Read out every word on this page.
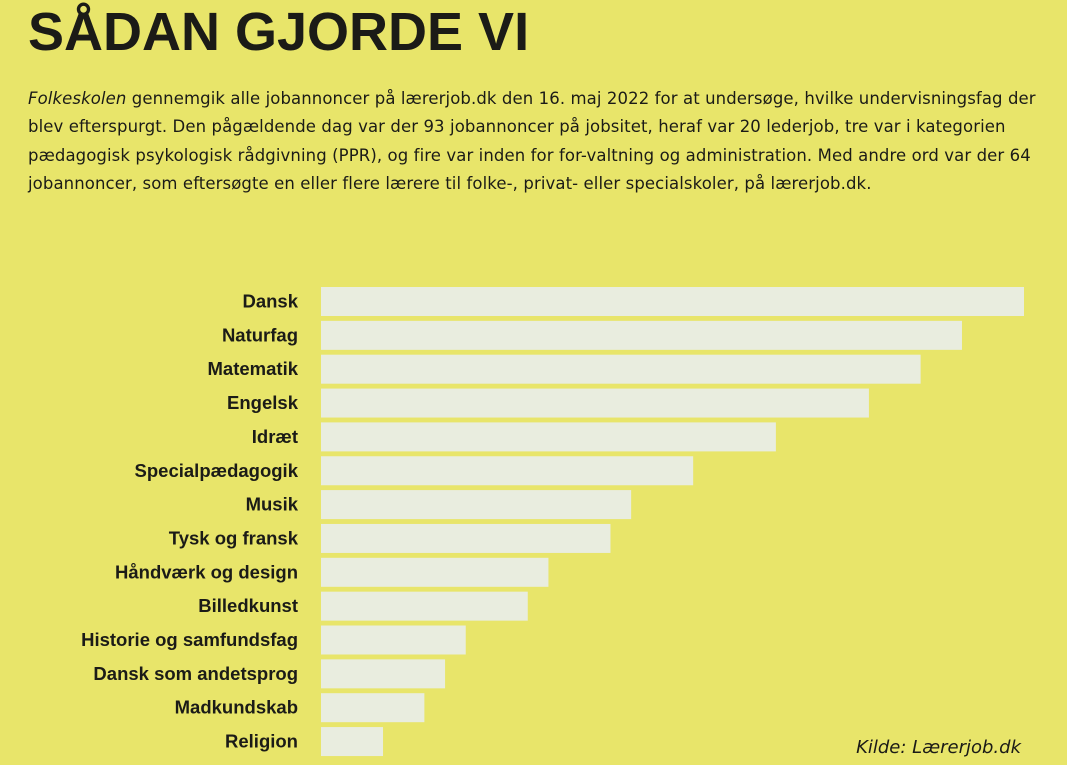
SÅDAN GJORDE VI

Folkeskolen gennemgik alle jobannoncer på lærerjob.dk den 16. maj 2022 for at undersøge, hvilke undervisningsfag der blev efterspurgt. Den pågældende dag var der 93 jobannoncer på jobsitet, heraf var 20 lederjob, tre var i kategorien pædagogisk psykologisk rådgivning (PPR), og fire var inden for for-valtning og administration. Med andre ord var der 64 jobannoncer, som eftersøgte en eller flere lærere til folke-, privat- eller specialskoler, på lærerjob.dk.

Dansk
Naturfag
Matematik
Engelsk
Idræt
Specialpædagogik
Musik
Tysk og fransk
Håndværk og design
Billedkunst
Historie og samfundsfag
Dansk som andetsprog
Madkundskab
Religion	Kilde: Lærerjob.dk
